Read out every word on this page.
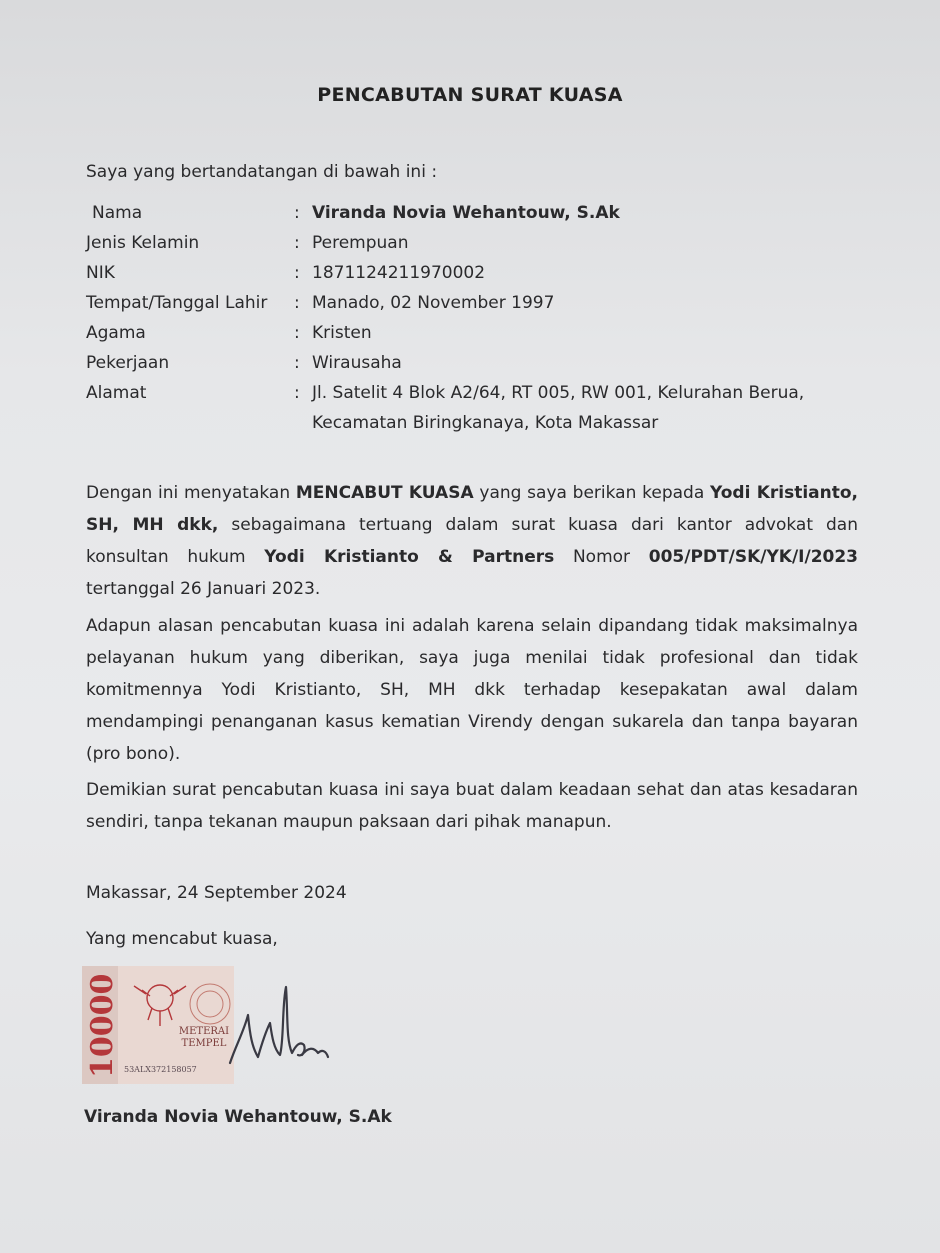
PENCABUTAN SURAT KUASA
Saya yang bertandatangan di bawah ini :
Nama	: Viranda Novia Wehantouw, S.Ak
Jenis Kelamin	: Perempuan
NIK	: 1871124211970002
Tempat/Tanggal Lahir : Manado, 02 November 1997
Agama	: Kristen
Pekerjaan	: Wirausaha
Alamat	: Jl. Satelit 4 Blok A2/64, RT 005, RW 001, Kelurahan Berua,
Kecamatan Biringkanaya, Kota Makassar
Dengan ini menyatakan MENCABUT KUASA yang saya berikan kepada Yodi Kristianto, SH, MH dkk, sebagaimana tertuang dalam surat kuasa dari kantor advokat dan konsultan hukum Yodi Kristianto & Partners Nomor 005/PDT/SK/YK/I/2023 tertanggal 26 Januari 2023.
Adapun alasan pencabutan kuasa ini adalah karena selain dipandang tidak maksimalnya pelayanan hukum yang diberikan, saya juga menilai tidak profesional dan tidak komitmennya Yodi Kristianto, SH, MH dkk terhadap kesepakatan awal dalam mendampingi penanganan kasus kematian Virendy dengan sukarela dan tanpa bayaran (pro bono).
Demikian surat pencabutan kuasa ini saya buat dalam keadaan sehat dan atas kesadaran sendiri, tanpa tekanan maupun paksaan dari pihak manapun.
Makassar, 24 September 2024
Yang mencabut kuasa,
10000	METERAI
TEMPEL
53ALX372158057
Viranda Novia Wehantouw, S.Ak
